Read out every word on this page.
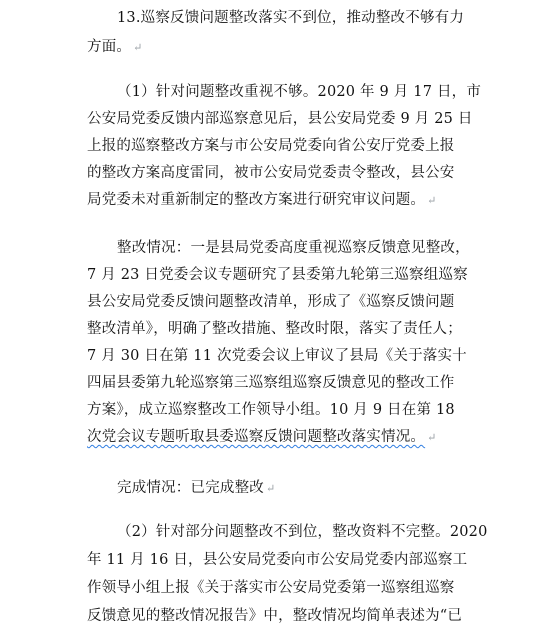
13.巡察反馈问题整改落实不到位，推动整改不够有力
方面。 ↵
（1）针对问题整改重视不够。2020 年 9 月 17 日，市
公安局党委反馈内部巡察意见后，县公安局党委 9 月 25 日
上报的巡察整改方案与市公安局党委向省公安厅党委上报
的整改方案高度雷同，被市公安局党委责令整改，县公安
局党委未对重新制定的整改方案进行研究审议问题。 ↵
整改情况：一是县局党委高度重视巡察反馈意见整改，
7 月 23 日党委会议专题研究了县委第九轮第三巡察组巡察
县公安局党委反馈问题整改清单，形成了《巡察反馈问题
整改清单》，明确了整改措施、整改时限，落实了责任人；
7 月 30 日在第 11 次党委会议上审议了县局《关于落实十
四届县委第九轮巡察第三巡察组巡察反馈意见的整改工作
方案》，成立巡察整改工作领导小组。10 月 9 日在第 18
次党会议专题听取县委巡察反馈问题整改落实情况。 ↵
完成情况：已完成整改 ↵
（2）针对部分问题整改不到位，整改资料不完整。2020
年 11 月 16 日，县公安局党委向市公安局党委内部巡察工
作领导小组上报《关于落实市公安局党委第一巡察组巡察
反馈意见的整改情况报告》中，整改情况均简单表述为“已
